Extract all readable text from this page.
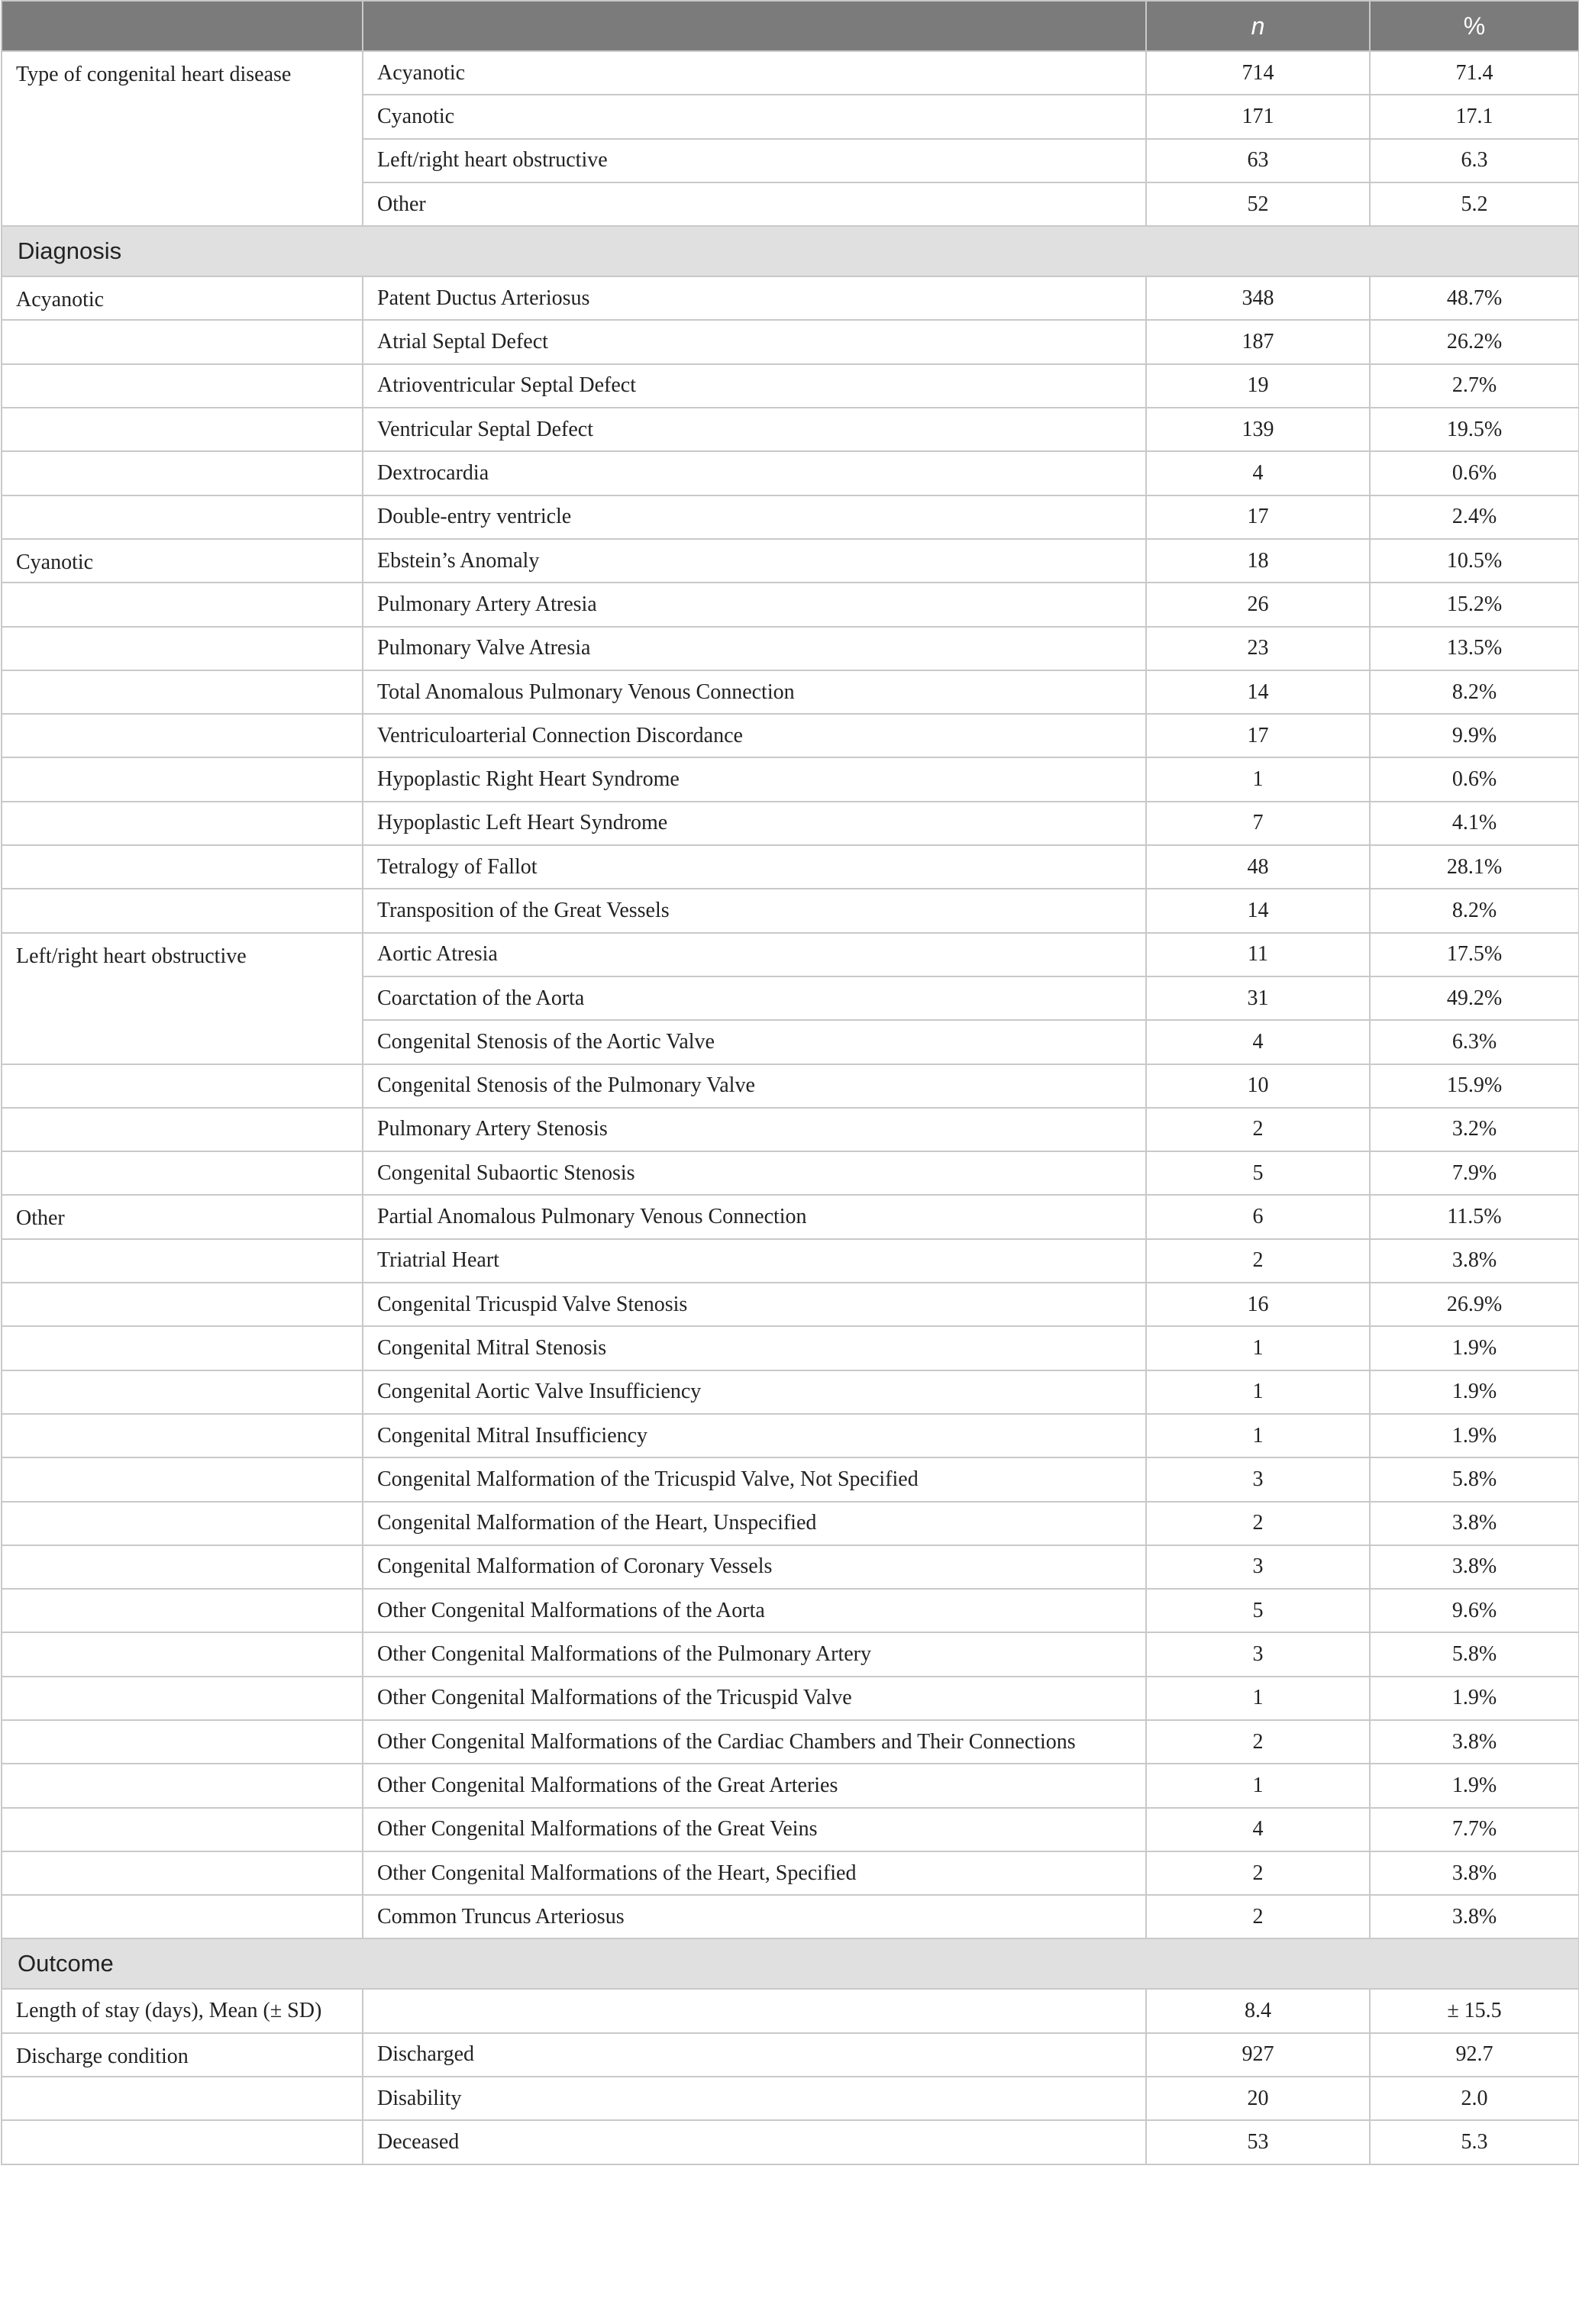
		n	%
Type of congenital heart disease	Acyanotic	714	71.4
	Cyanotic	171	17.1
	Left/right heart obstructive	63	6.3
	Other	52	5.2
Diagnosis			
Acyanotic	Patent Ductus Arteriosus	348	48.7%
	Atrial Septal Defect	187	26.2%
	Atrioventricular Septal Defect	19	2.7%
	Ventricular Septal Defect	139	19.5%
	Dextrocardia	4	0.6%
	Double-entry ventricle	17	2.4%
Cyanotic	Ebstein’s Anomaly	18	10.5%
	Pulmonary Artery Atresia	26	15.2%
	Pulmonary Valve Atresia	23	13.5%
	Total Anomalous Pulmonary Venous Connection	14	8.2%
	Ventriculoarterial Connection Discordance	17	9.9%
	Hypoplastic Right Heart Syndrome	1	0.6%
	Hypoplastic Left Heart Syndrome	7	4.1%
	Tetralogy of Fallot	48	28.1%
	Transposition of the Great Vessels	14	8.2%
Left/right heart obstructive	Aortic Atresia	11	17.5%
	Coarctation of the Aorta	31	49.2%
	Congenital Stenosis of the Aortic Valve	4	6.3%
	Congenital Stenosis of the Pulmonary Valve	10	15.9%
	Pulmonary Artery Stenosis	2	3.2%
	Congenital Subaortic Stenosis	5	7.9%
Other	Partial Anomalous Pulmonary Venous Connection	6	11.5%
	Triatrial Heart	2	3.8%
	Congenital Tricuspid Valve Stenosis	16	26.9%
	Congenital Mitral Stenosis	1	1.9%
	Congenital Aortic Valve Insufficiency	1	1.9%
	Congenital Mitral Insufficiency	1	1.9%
	Congenital Malformation of the Tricuspid Valve, Not Specified	3	5.8%
	Congenital Malformation of the Heart, Unspecified	2	3.8%
	Congenital Malformation of Coronary Vessels	3	3.8%
	Other Congenital Malformations of the Aorta	5	9.6%
	Other Congenital Malformations of the Pulmonary Artery	3	5.8%
	Other Congenital Malformations of the Tricuspid Valve	1	1.9%
	Other Congenital Malformations of the Cardiac Chambers and Their Connections	2	3.8%
	Other Congenital Malformations of the Great Arteries	1	1.9%
	Other Congenital Malformations of the Great Veins	4	7.7%
	Other Congenital Malformations of the Heart, Specified	2	3.8%
	Common Truncus Arteriosus	2	3.8%
Outcome			
Length of stay (days), Mean (± SD)		8.4	± 15.5
Discharge condition	Discharged	927	92.7
	Disability	20	2.0
	Deceased	53	5.3
